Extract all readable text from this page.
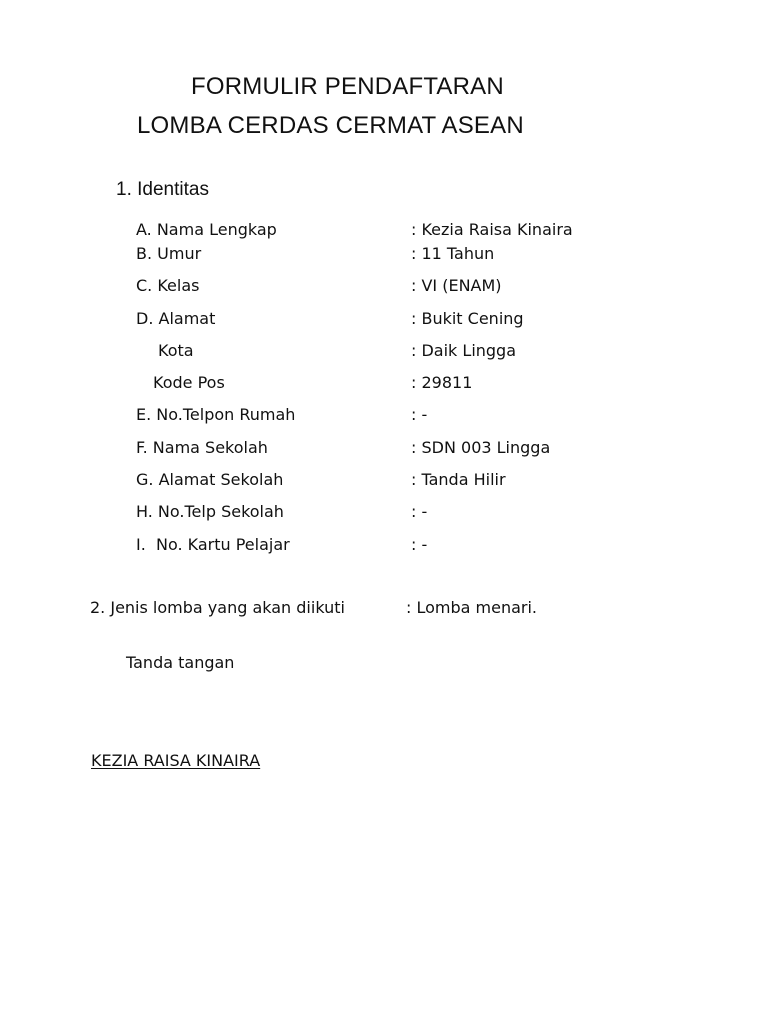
FORMULIR PENDAFTARAN
LOMBA CERDAS CERMAT ASEAN
1. Identitas
A. Nama Lengkap	: Kezia Raisa Kinaira
B. Umur	: 11 Tahun
C. Kelas	: VI (ENAM)
D. Alamat	: Bukit Cening
Kota	: Daik Lingga
Kode Pos	: 29811
E. No.Telpon Rumah	: -
F. Nama Sekolah	: SDN 003 Lingga
G. Alamat Sekolah	: Tanda Hilir
H. No.Telp Sekolah	: -
I.  No. Kartu Pelajar	: -
2. Jenis lomba yang akan diikuti	: Lomba menari.
Tanda tangan
KEZIA RAISA KINAIRA
